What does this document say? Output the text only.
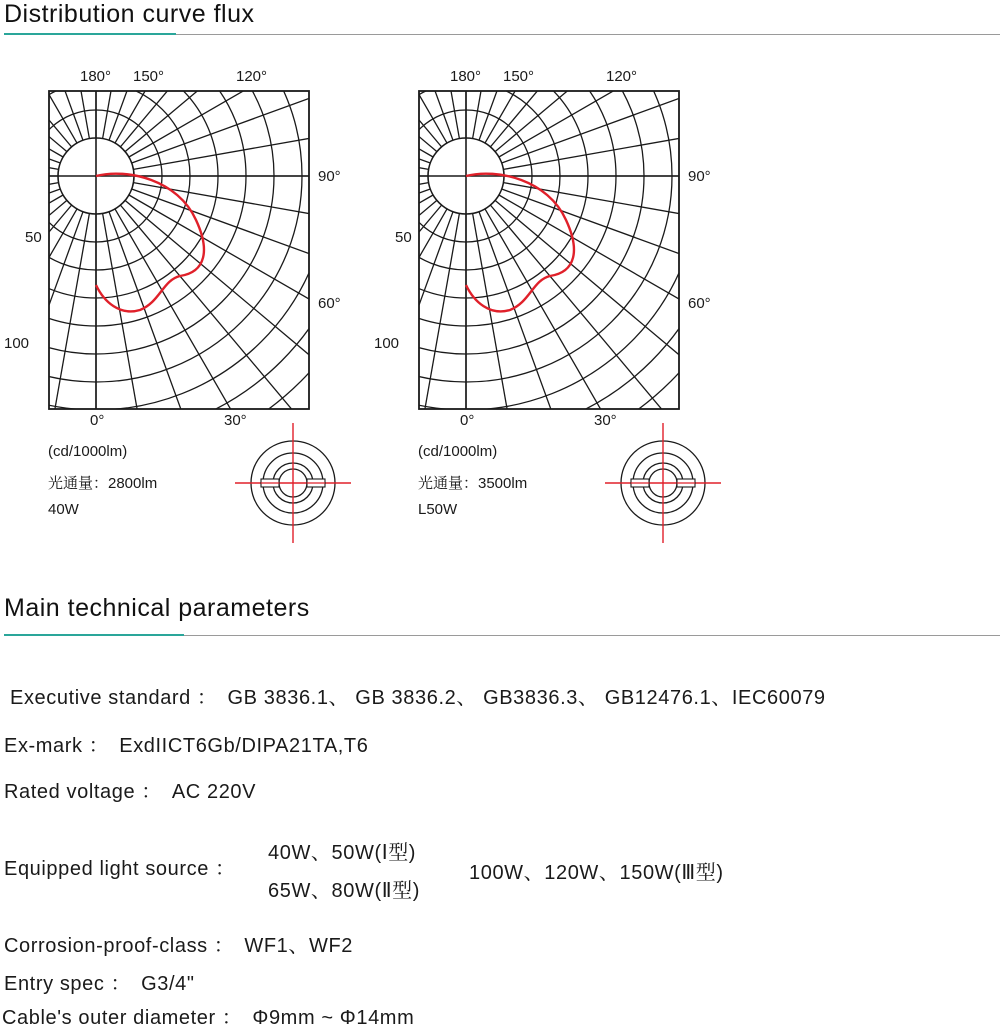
Distribution curve flux
180° 150°	120°
90°
60°
0°	30°
50
100
(cd/1000lm)
光通量：2800lm
40W
180° 150°	120°
90°
60°
0°	30°
50
100
(cd/1000lm)
光通量：3500lm
L50W
Main technical parameters
Executive standard ： GB 3836.1、 GB 3836.2、 GB3836.3、 GB12476.1、IEC60079
Ex-mark ： ExdIICT6Gb/DIPA21TA,T6
Rated voltage ： AC 220V
Equipped light source ：
40W、50W(Ⅰ型)
65W、80W(Ⅱ型)
100W、120W、150W(Ⅲ型)
Corrosion-proof-class ： WF1、WF2
Entry spec ： G3/4"
Cable's outer diameter ： Φ9mm ~ Φ14mm
